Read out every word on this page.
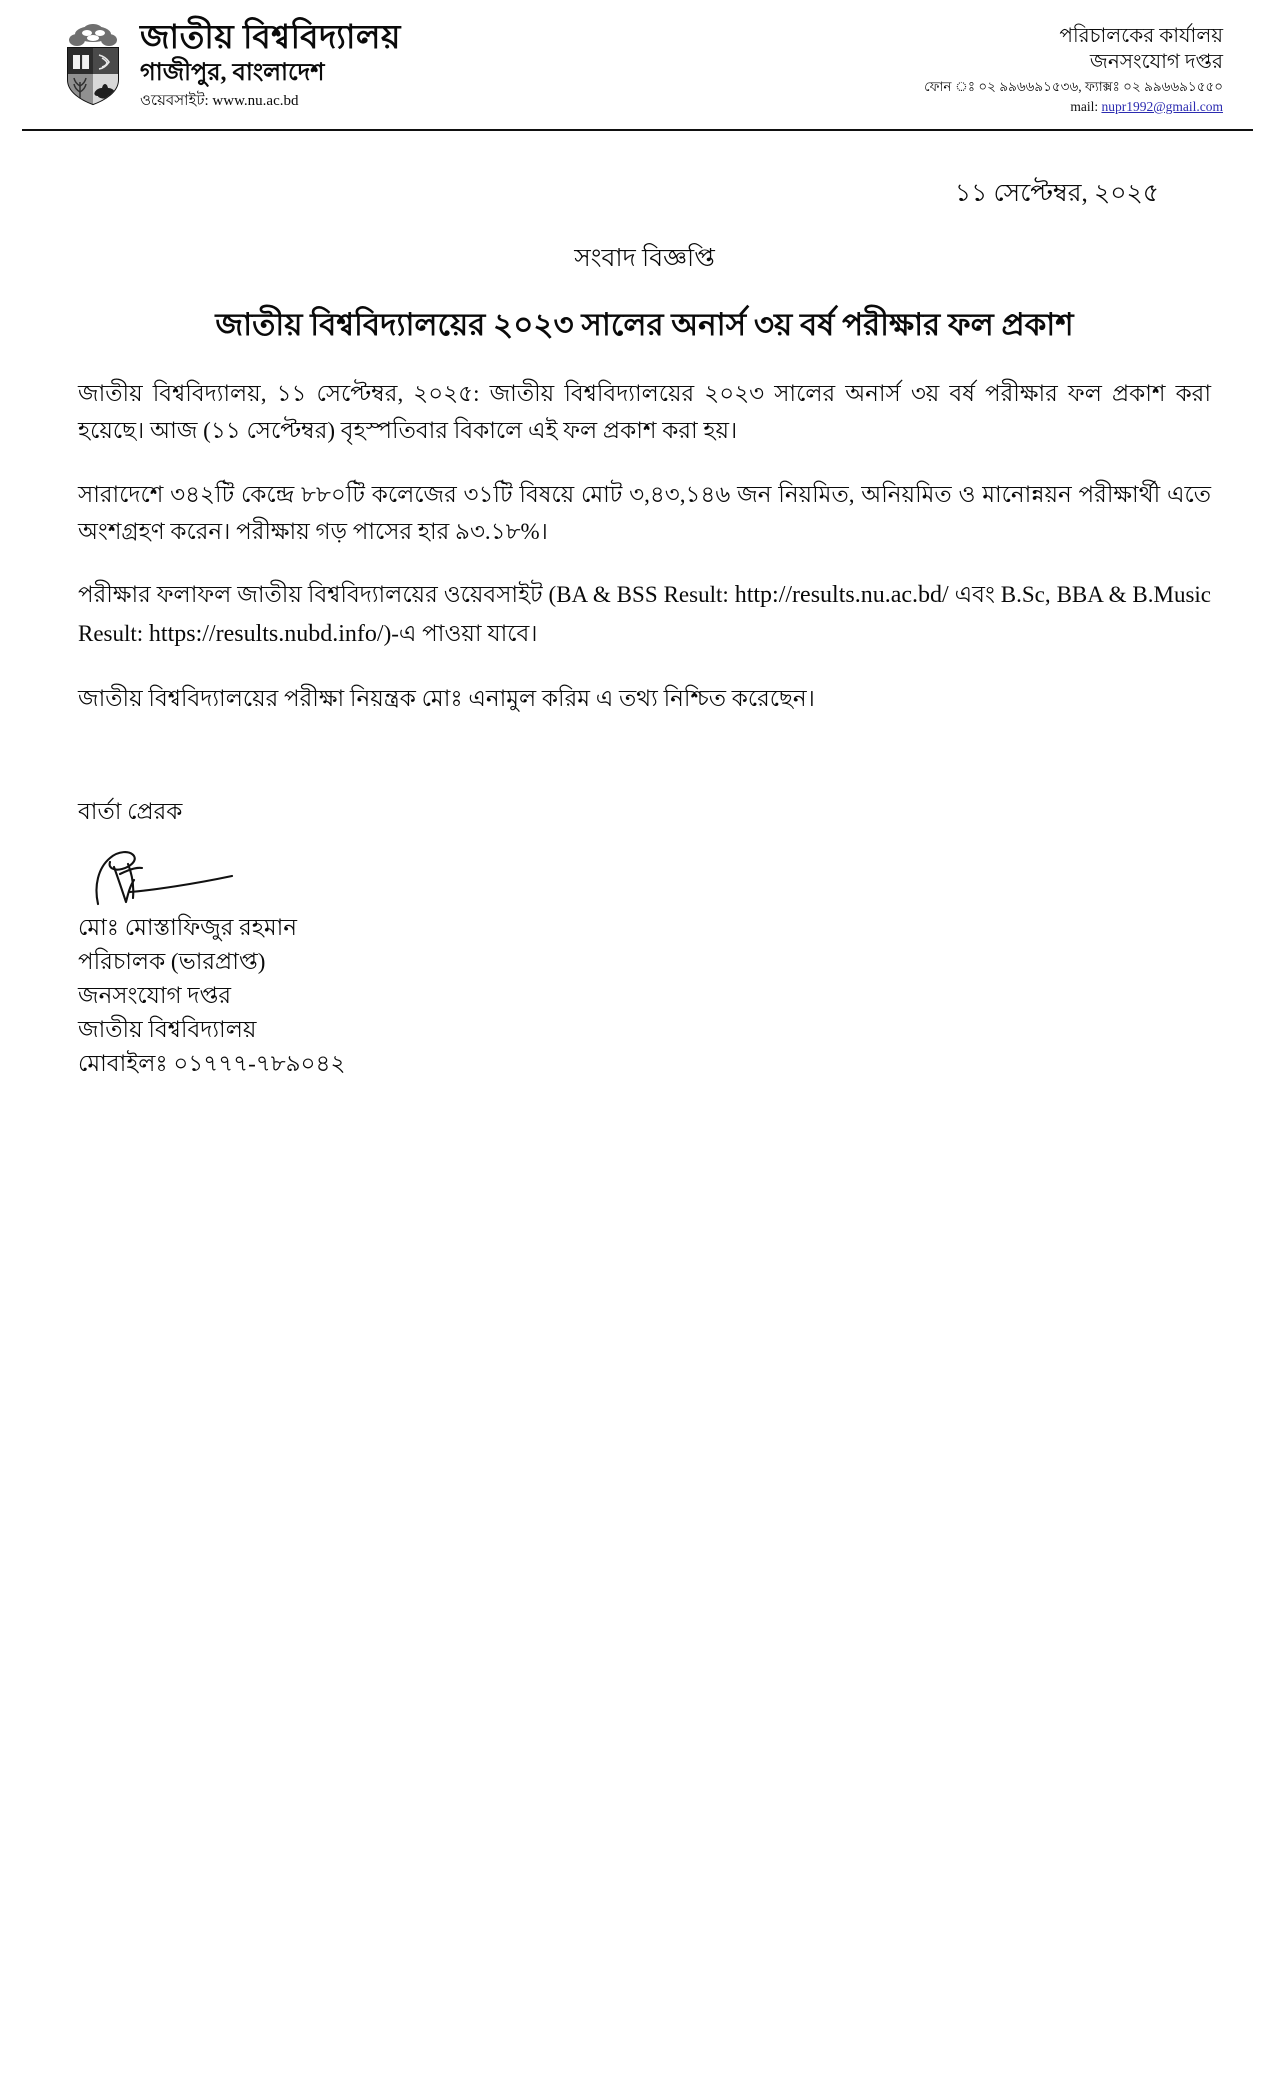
জাতীয় বিশ্ববিদ্যালয়
গাজীপুর, বাংলাদেশ
ওয়েবসাইট: www.nu.ac.bd
পরিচালকের কার্যালয়
জনসংযোগ দপ্তর
ফোন ঃ ০২ ৯৯৬৬৯১৫৩৬, ফ্যাক্সঃ ০২ ৯৯৬৬৯১৫৫০
mail: nupr1992@gmail.com
১১ সেপ্টেম্বর, ২০২৫
সংবাদ বিজ্ঞপ্তি
জাতীয় বিশ্ববিদ্যালয়ের ২০২৩ সালের অনার্স ৩য় বর্ষ পরীক্ষার ফল প্রকাশ

জাতীয় বিশ্ববিদ্যালয়, ১১ সেপ্টেম্বর, ২০২৫: জাতীয় বিশ্ববিদ্যালয়ের ২০২৩ সালের অনার্স ৩য় বর্ষ পরীক্ষার ফল প্রকাশ করা হয়েছে। আজ (১১ সেপ্টেম্বর) বৃহস্পতিবার বিকালে এই ফল প্রকাশ করা হয়।

সারাদেশে ৩৪২টি কেন্দ্রে ৮৮০টি কলেজের ৩১টি বিষয়ে মোট ৩,৪৩,১৪৬ জন নিয়মিত, অনিয়মিত ও মানোন্নয়ন পরীক্ষার্থী এতে অংশগ্রহণ করেন। পরীক্ষায় গড় পাসের হার ৯৩.১৮%।

পরীক্ষার ফলাফল জাতীয় বিশ্ববিদ্যালয়ের ওয়েবসাইট (BA & BSS Result: http://results.nu.ac.bd/ এবং B.Sc, BBA & B.Music Result: https://results.nubd.info/)-এ পাওয়া যাবে।

জাতীয় বিশ্ববিদ্যালয়ের পরীক্ষা নিয়ন্ত্রক মোঃ এনামুল করিম এ তথ্য নিশ্চিত করেছেন।

বার্তা প্রেরক
মোঃ মোস্তাফিজুর রহমান
পরিচালক (ভারপ্রাপ্ত)
জনসংযোগ দপ্তর
জাতীয় বিশ্ববিদ্যালয়
মোবাইলঃ ০১৭৭৭-৭৮৯০৪২
